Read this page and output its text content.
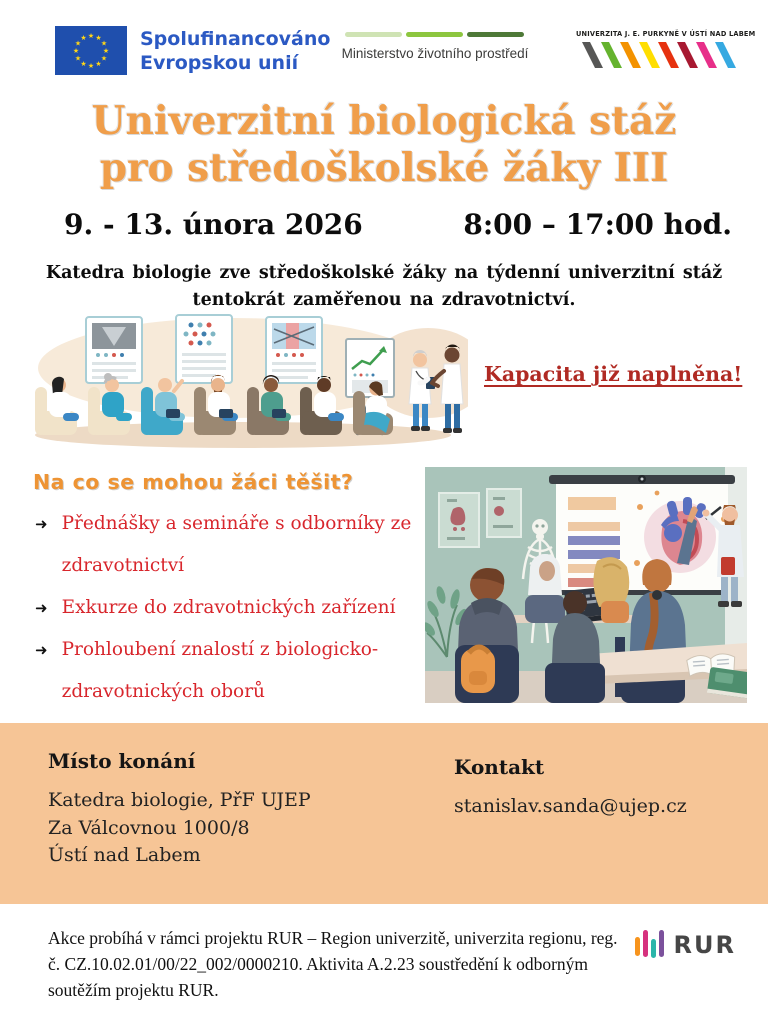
★ ★
★
★
★
★
★
★
★
★
★
★	Spolufinancováno
Evropskou unií	Ministerstvo životního prostředí
UNIVERZITA J. E. PURKYNĚ V ÚSTÍ NAD LABEM
Univerzitní biologická stáž
pro středoškolské žáky III
9. - 13. února 2026	8:00 – 17:00 hod.

Katedra biologie zve středoškolské žáky na týdenní univerzitní stáž tentokrát zaměřenou na zdravotnictví.

Kapacita již naplněna!
Na co se mohou žáci těšit?
➜ Přednášky a semináře s odborníky ze zdravotnictví
➜ Exkurze do zdravotnických zařízení
➜ Prohloubení znalostí z biologicko-zdravotnických oborů
Místo konání

Katedra biologie, PřF UJEP
Za Válcovnou 1000/8
Ústí nad Labem

Kontakt

stanislav.sanda@ujep.cz

Akce probíhá v rámci projektu RUR – Region univerzitě, univerzita regionu, reg. č. CZ.10.02.01/00/22_002/0000210. Aktivita A.2.23 soustředění k odborným soutěžím projektu RUR.

RUR
